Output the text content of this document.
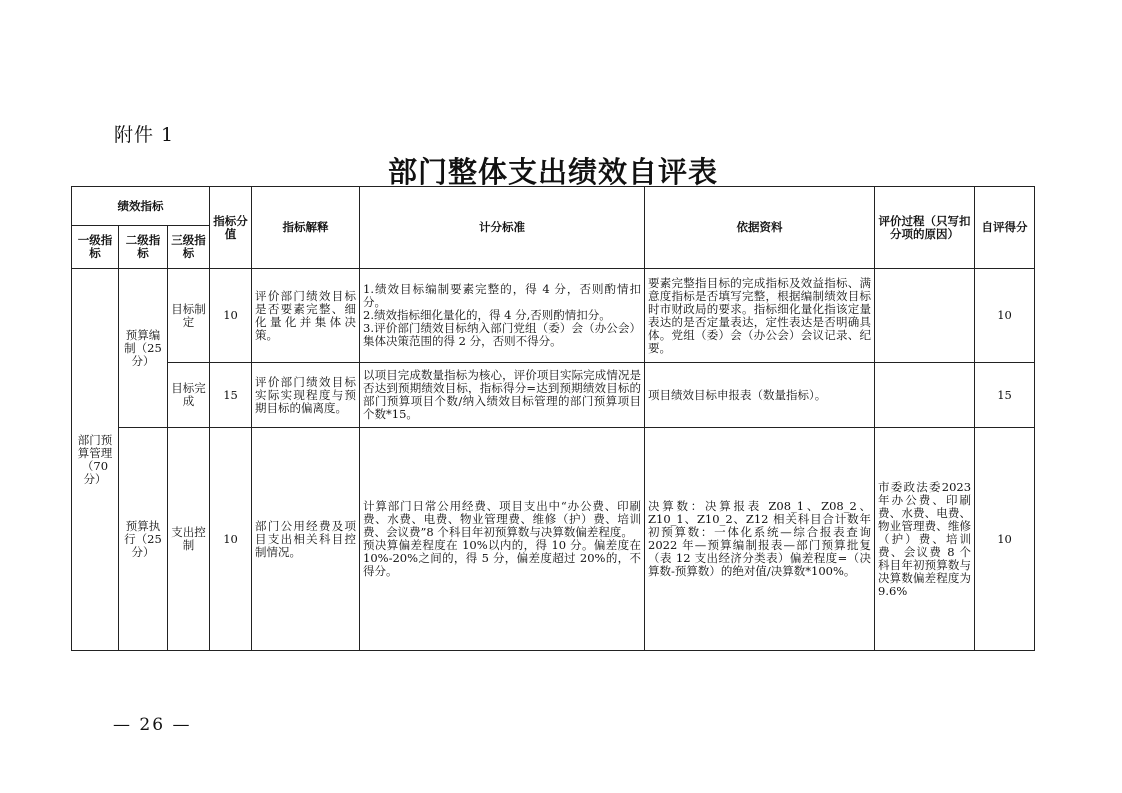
附件 1
部门整体支出绩效自评表
绩效指标			指标分值	指标解释	计分标准	依据资料	评价过程（只写扣分项的原因）	自评得分
一级指标	二级指标	三级指标						
部门预算管理（70分）	预算编制（25分）	目标制定	10	评价部门绩效目标是否要素完整、细化量化并集体决策。	1.绩效目标编制要素完整的，得 4 分，否则酌情扣分。
2.绩效指标细化量化的，得 4 分,否则酌情扣分。
3.评价部门绩效目标纳入部门党组（委）会（办公会）集体决策范围的得 2 分，否则不得分。	要素完整指目标的完成指标及效益指标、满意度指标是否填写完整，根据编制绩效目标时市财政局的要求。指标细化量化指该定量表达的是否定量表达，定性表达是否明确具体。党组（委）会（办公会）会议记录、纪要。		10
		目标完成	15	评价部门绩效目标实际实现程度与预期目标的偏离度。	以项目完成数量指标为核心，评价项目实际完成情况是否达到预期绩效目标，指标得分=达到预期绩效目标的部门预算项目个数/纳入绩效目标管理的部门预算项目个数*15。	项目绩效目标申报表（数量指标）。		15
	预算执行（25分）	支出控制	10	部门公用经费及项目支出相关科目控制情况。	计算部门日常公用经费、项目支出中“办公费、印刷费、水费、电费、物业管理费、维修（护）费、培训费、会议费”8 个科目年初预算数与决算数偏差程度。
预决算偏差程度在 10%以内的，得 10 分。偏差度在 10%-20%之间的，得 5 分，偏差度超过 20%的，不得分。	决算数：决算报表 Z08_1、Z08_2、Z10_1、Z10_2、Z12 相关科目合计数年初预算数：一体化系统—综合报表查询 2022 年—预算编制报表—部门预算批复（表 12 支出经济分类表）偏差程度=（决算数-预算数）的绝对值/决算数*100%。	市委政法委2023 年办公费、印刷费、水费、电费、物业管理费、维修（护）费、培训费、会议费 8 个科目年初预算数与决算数偏差程度为 9.6%	10
— 26 —
